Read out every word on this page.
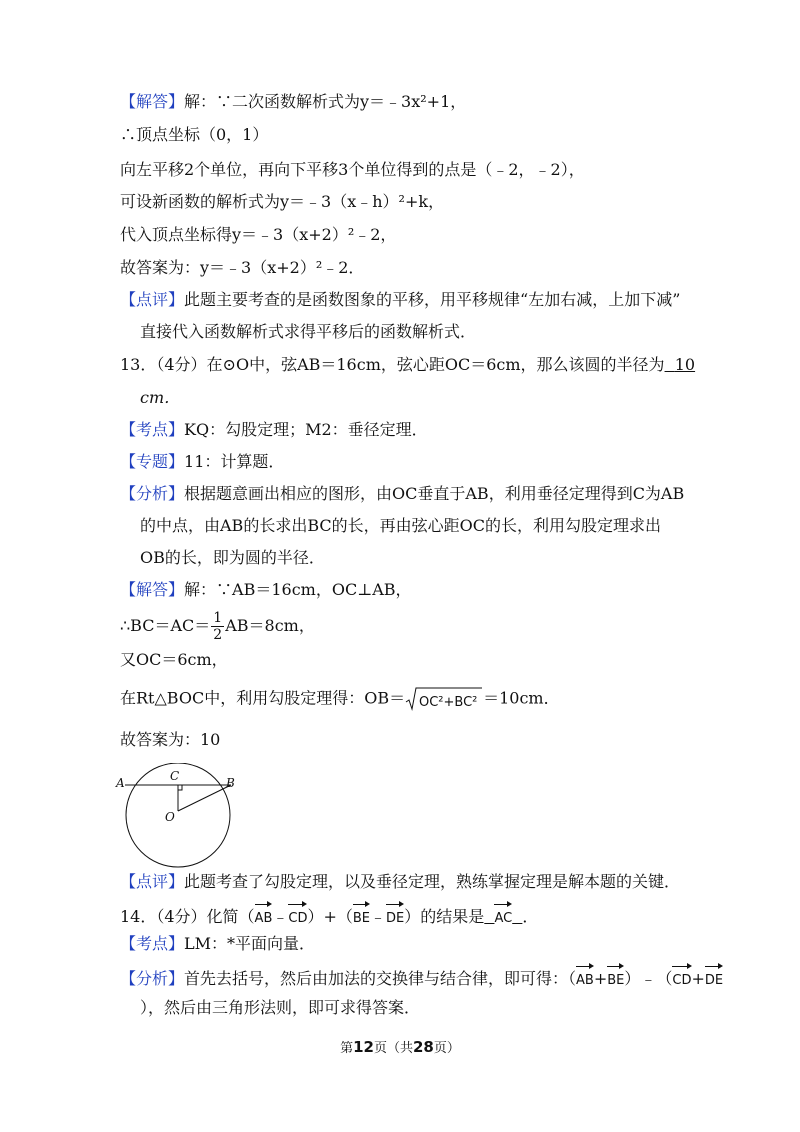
【解答】解：∵二次函数解析式为y＝﹣3x²+1，
∴顶点坐标（0，1）
向左平移2个单位，再向下平移3个单位得到的点是（﹣2，﹣2），
可设新函数的解析式为y＝﹣3（x﹣h）²+k，
代入顶点坐标得y＝﹣3（x+2）²﹣2，
故答案为：y＝﹣3（x+2）²﹣2．
【点评】此题主要考查的是函数图象的平移，用平移规律“左加右减，上加下减”
直接代入函数解析式求得平移后的函数解析式．
13．（4分）在⊙O中，弦AB＝16cm，弦心距OC＝6cm，那么该圆的半径为 10
cm．
【考点】KQ：勾股定理；M2：垂径定理．
【专题】11：计算题．
【分析】根据题意画出相应的图形，由OC垂直于AB，利用垂径定理得到C为AB
的中点，由AB的长求出BC的长，再由弦心距OC的长，利用勾股定理求出
OB的长，即为圆的半径．
【解答】解：∵AB＝16cm，OC⊥AB，
∴BC＝AC＝ $\frac{1}{2} AB=8cm$，
又OC＝6cm，
在Rt△BOC中，利用勾股定理得：OB＝ OC²+BC² ＝10cm．
故答案为：10
A	B
C
O
【点评】此题考查了勾股定理，以及垂径定理，熟练掌握定理是解本题的关键．
14．（4分）化简（AB﹣CD）+（BE﹣DE）的结果是 AC ．
【考点】LM：*平面向量．
【分析】首先去括号，然后由加法的交换律与结合律，即可得：（AB+BE）﹣（CD+DE
），然后由三角形法则，即可求得答案．
第12页（共28页）
